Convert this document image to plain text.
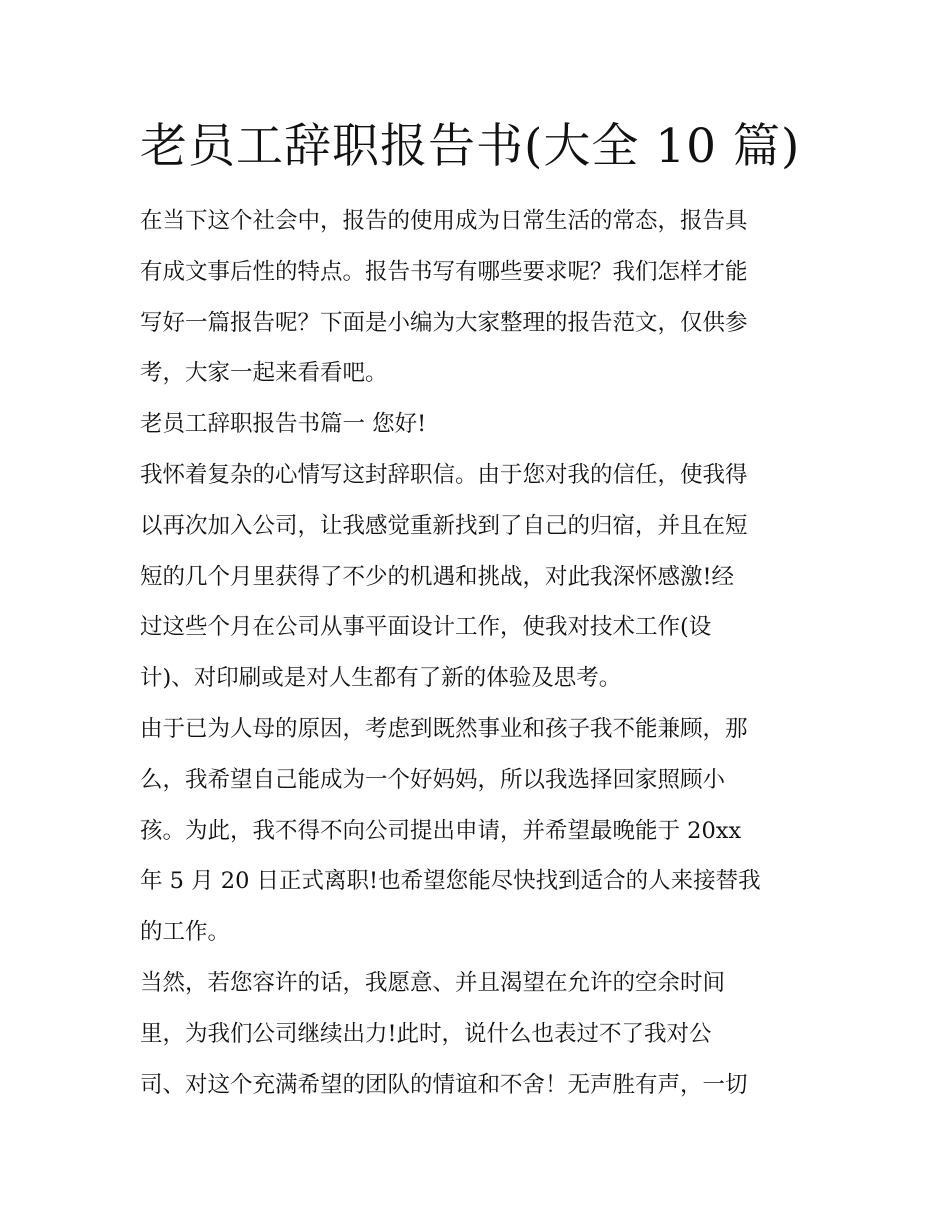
老员工辞职报告书(大全 10 篇)

在当下这个社会中，报告的使用成为日常生活的常态，报告具
有成文事后性的特点。报告书写有哪些要求呢？我们怎样才能
写好一篇报告呢？下面是小编为大家整理的报告范文，仅供参
考，大家一起来看看吧。

老员工辞职报告书篇一 您好!

我怀着复杂的心情写这封辞职信。由于您对我的信任，使我得
以再次加入公司，让我感觉重新找到了自己的归宿，并且在短
短的几个月里获得了不少的机遇和挑战，对此我深怀感激!经
过这些个月在公司从事平面设计工作，使我对技术工作(设
计)、对印刷或是对人生都有了新的体验及思考。

由于已为人母的原因，考虑到既然事业和孩子我不能兼顾，那
么，我希望自己能成为一个好妈妈，所以我选择回家照顾小
孩。为此，我不得不向公司提出申请，并希望最晚能于 20xx
年 5 月 20 日正式离职!也希望您能尽快找到适合的人来接替我
的工作。

当然，若您容许的话，我愿意、并且渴望在允许的空余时间
里，为我们公司继续出力!此时，说什么也表过不了我对公
司、对这个充满希望的团队的情谊和不舍！无声胜有声，一切
